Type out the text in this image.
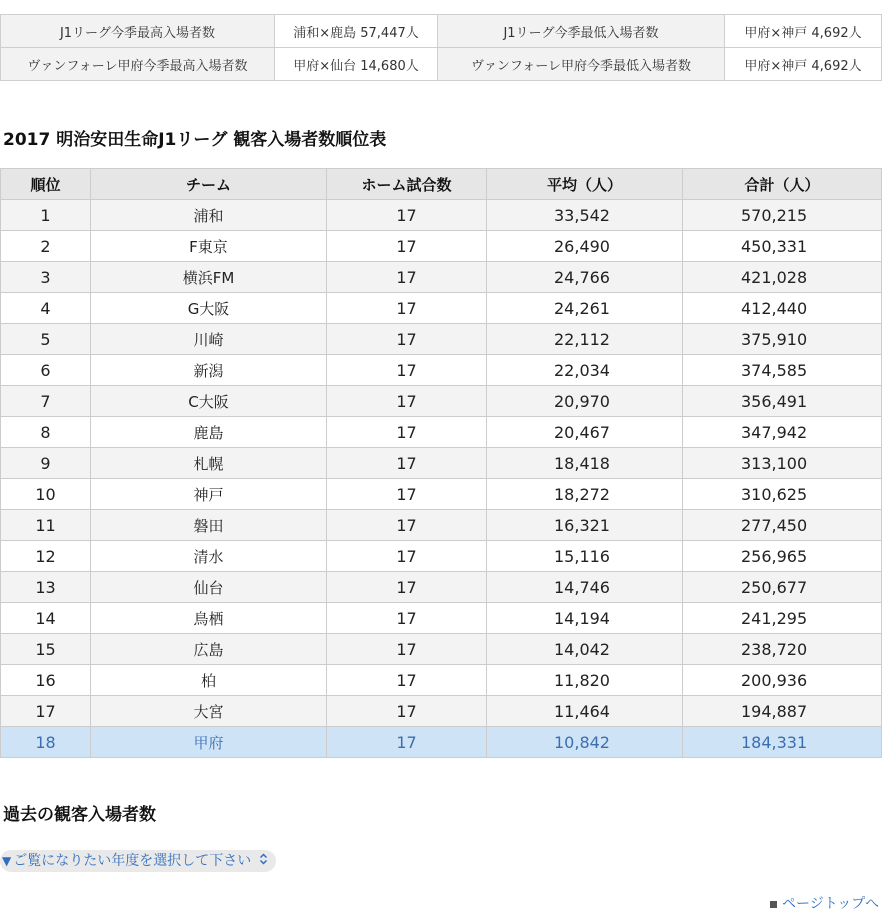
J1リーグ今季最高入場者数	浦和×鹿島 57,447人	J1リーグ今季最低入場者数	甲府×神戸 4,692人
ヴァンフォーレ甲府今季最高入場者数	甲府×仙台 14,680人	ヴァンフォーレ甲府今季最低入場者数	甲府×神戸 4,692人
2017 明治安田生命J1リーグ 観客入場者数順位表
順位	チーム	ホーム試合数	平均（人）	合計（人）
1	浦和	17	33,542	570,215
2	F東京	17	26,490	450,331
3	横浜FM	17	24,766	421,028
4	G大阪	17	24,261	412,440
5	川崎	17	22,112	375,910
6	新潟	17	22,034	374,585
7	C大阪	17	20,970	356,491
8	鹿島	17	20,467	347,942
9	札幌	17	18,418	313,100
10	神戸	17	18,272	310,625
11	磐田	17	16,321	277,450
12	清水	17	15,116	256,965
13	仙台	17	14,746	250,677
14	鳥栖	17	14,194	241,295
15	広島	17	14,042	238,720
16	柏	17	11,820	200,936
17	大宮	17	11,464	194,887
18	甲府	17	10,842	184,331
過去の観客入場者数
▼ ご覧になりたい年度を選択して下さい
ページトップへ
